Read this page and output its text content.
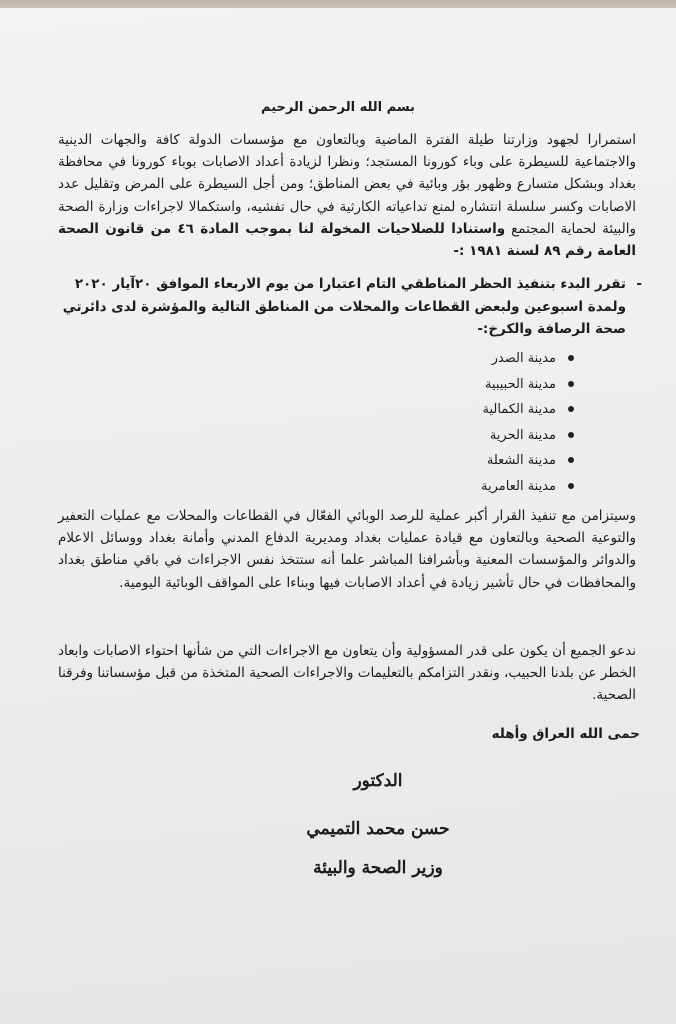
بسم الله الرحمن الرحيم
استمرارا لجهود وزارتنا طيلة الفترة الماضية وبالتعاون مع مؤسسات الدولة كافة والجهات الدينية والاجتماعية للسيطرة على وباء كورونا المستجد؛ ونظرا لزيادة أعداد الاصابات بوباء كورونا في محافظة بغداد وبشكل متسارع وظهور بؤر وبائية في بعض المناطق؛ ومن أجل السيطرة على المرض وتقليل عدد الاصابات وكسر سلسلة انتشاره لمنع تداعياته الكارثية في حال تفشيه، واستكمالا لاجراءات وزارة الصحة والبيئة لحماية المجتمع واستنادا للصلاحيات المخولة لنا بموجب المادة ٤٦ من قانون الصحة العامة رقم ٨٩ لسنة ١٩٨١ :-
-
تقرر البدء بتنفيذ الحظر المناطقي التام اعتبارا من يوم الاربعاء الموافق ٢٠آيار ٢٠٢٠ ولمدة اسبوعين ولبعض القطاعات والمحلات من المناطق التالية والمؤشرة لدى دائرتي صحة الرصافة والكرخ:-
مدينة الصدر
مدينة الحبيبية
مدينة الكمالية
مدينة الحرية
مدينة الشعلة
مدينة العامرية
وسيتزامن مع تنفيذ القرار أكبر عملية للرصد الوبائي الفعّال في القطاعات والمحلات مع عمليات التعفير والتوعية الصحية وبالتعاون مع قيادة عمليات بغداد ومديرية الدفاع المدني وأمانة بغداد ووسائل الاعلام والدوائر والمؤسسات المعنية وبأشرافنا المباشر علما أنه ستتخذ نفس الاجراءات في باقي مناطق بغداد والمحافظات في حال تأشير زيادة في أعداد الاصابات فيها وبناءا على المواقف الوبائية اليومية.
ندعو الجميع أن يكون على قدر المسؤولية وأن يتعاون مع الاجراءات التي من شأنها احتواء الاصابات وابعاد الخطر عن بلدنا الحبيب، ونقدر التزامكم بالتعليمات والاجراءات الصحية المتخذة من قبل مؤسساتنا وفرقنا الصحية.
حمى الله العراق وأهله
الدكتور
حسن محمد التميمي
وزير الصحة والبيئة
